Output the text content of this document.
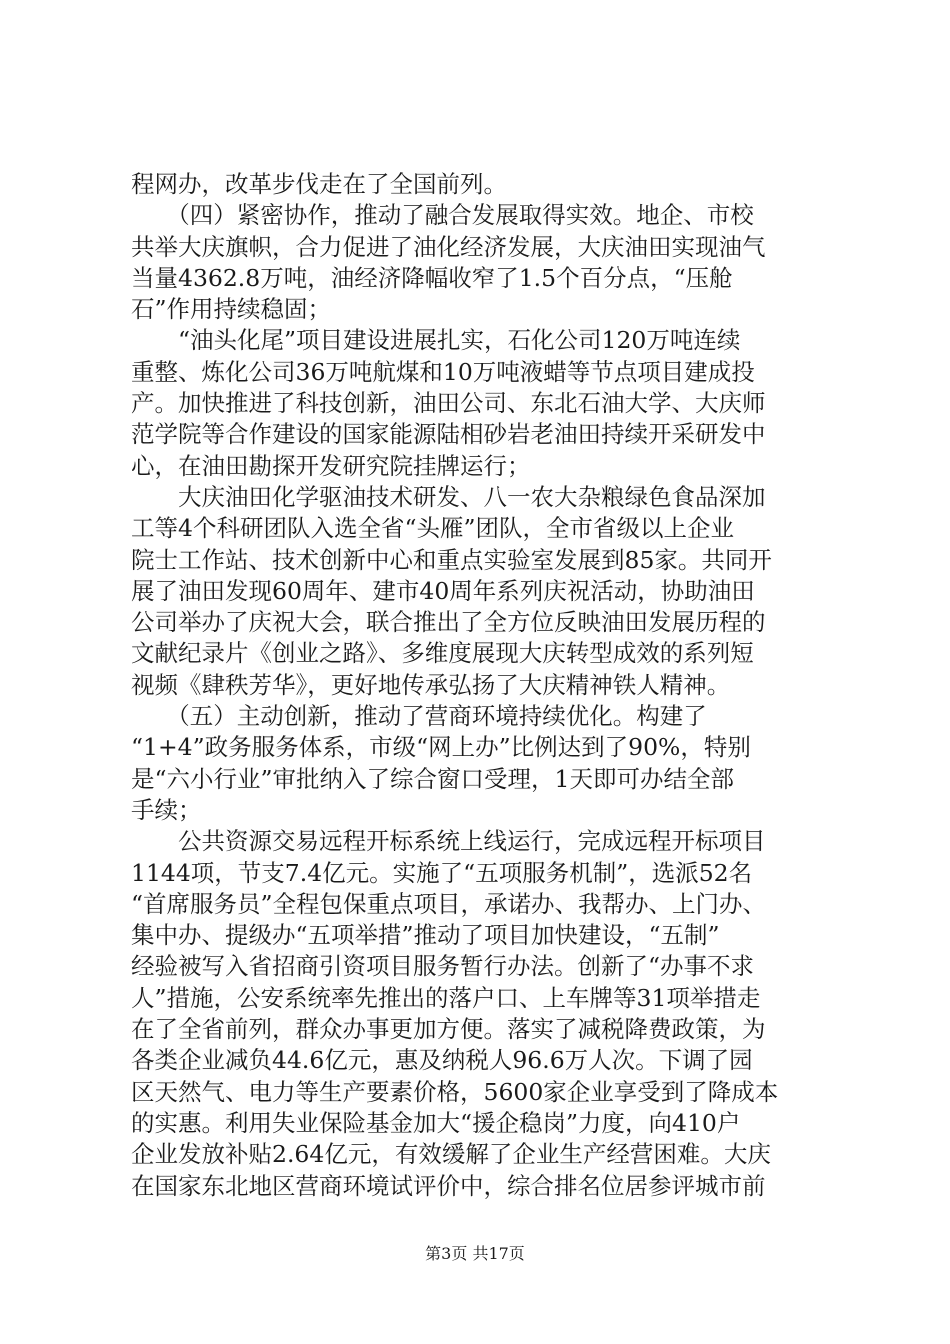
程网办，改革步伐走在了全国前列。
　　（四）紧密协作，推动了融合发展取得实效。地企、市校
共举大庆旗帜，合力促进了油化经济发展，大庆油田实现油气
当量4362.8万吨，油经济降幅收窄了1.5个百分点，“压舱
石”作用持续稳固；
　　“油头化尾”项目建设进展扎实，石化公司120万吨连续
重整、炼化公司36万吨航煤和10万吨液蜡等节点项目建成投
产。加快推进了科技创新，油田公司、东北石油大学、大庆师
范学院等合作建设的国家能源陆相砂岩老油田持续开采研发中
心，在油田勘探开发研究院挂牌运行；
　　大庆油田化学驱油技术研发、八一农大杂粮绿色食品深加
工等4个科研团队入选全省“头雁”团队，全市省级以上企业
院士工作站、技术创新中心和重点实验室发展到85家。共同开
展了油田发现60周年、建市40周年系列庆祝活动，协助油田
公司举办了庆祝大会，联合推出了全方位反映油田发展历程的
文献纪录片《创业之路》、多维度展现大庆转型成效的系列短
视频《肆秩芳华》，更好地传承弘扬了大庆精神铁人精神。
　　（五）主动创新，推动了营商环境持续优化。构建了
“1+4”政务服务体系，市级“网上办”比例达到了90%，特别
是“六小行业”审批纳入了综合窗口受理，1天即可办结全部
手续；
　　公共资源交易远程开标系统上线运行，完成远程开标项目
1144项，节支7.4亿元。实施了“五项服务机制”，选派52名
“首席服务员”全程包保重点项目，承诺办、我帮办、上门办、
集中办、提级办“五项举措”推动了项目加快建设，“五制”
经验被写入省招商引资项目服务暂行办法。创新了“办事不求
人”措施，公安系统率先推出的落户口、上车牌等31项举措走
在了全省前列，群众办事更加方便。落实了减税降费政策，为
各类企业减负44.6亿元，惠及纳税人96.6万人次。下调了园
区天然气、电力等生产要素价格，5600家企业享受到了降成本
的实惠。利用失业保险基金加大“援企稳岗”力度，向410户
企业发放补贴2.64亿元，有效缓解了企业生产经营困难。大庆
在国家东北地区营商环境试评价中，综合排名位居参评城市前
第3页 共17页
